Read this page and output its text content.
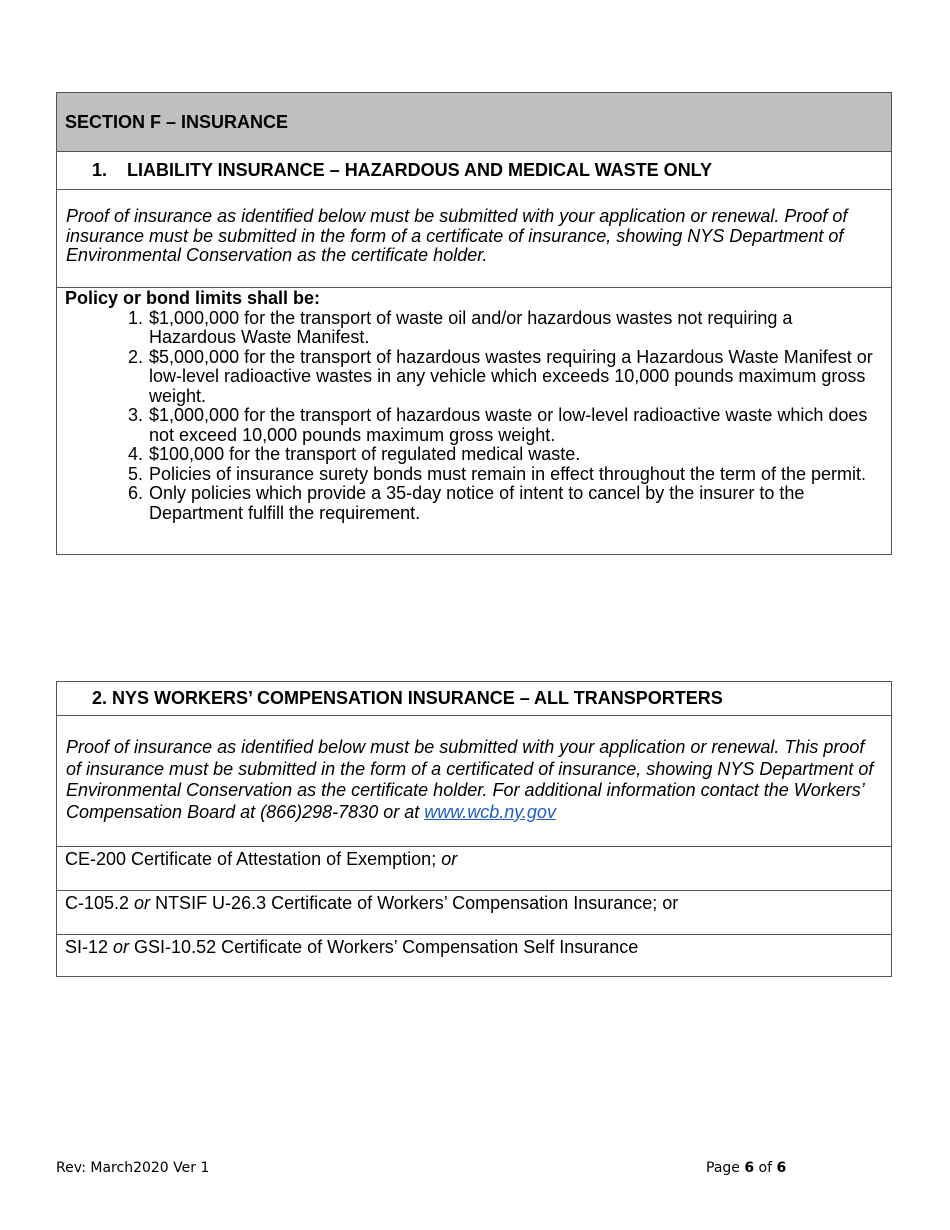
SECTION F – INSURANCE
1.	LIABILITY INSURANCE – HAZARDOUS AND MEDICAL WASTE ONLY
Proof of insurance as identified below must be submitted with your application or renewal. Proof of insurance must be submitted in the form of a certificate of insurance, showing NYS Department of Environmental Conservation as the certificate holder.
Policy or bond limits shall be:
1. $1,000,000 for the transport of waste oil and/or hazardous wastes not requiring a Hazardous Waste Manifest.
2. $5,000,000 for the transport of hazardous wastes requiring a Hazardous Waste Manifest or low-level radioactive wastes in any vehicle which exceeds 10,000 pounds maximum gross weight.
3. $1,000,000 for the transport of hazardous waste or low-level radioactive waste which does not exceed 10,000 pounds maximum gross weight.
4. $100,000 for the transport of regulated medical waste.
5. Policies of insurance surety bonds must remain in effect throughout the term of the permit.
6. Only policies which provide a 35-day notice of intent to cancel by the insurer to the Department fulfill the requirement.
2. NYS WORKERS’ COMPENSATION INSURANCE – ALL TRANSPORTERS
Proof of insurance as identified below must be submitted with your application or renewal. This proof of insurance must be submitted in the form of a certificated of insurance, showing NYS Department of Environmental Conservation as the certificate holder. For additional information contact the Workers’ Compensation Board at (866)298-7830 or at www.wcb.ny.gov
CE-200 Certificate of Attestation of Exemption; or
C-105.2 or NTSIF U-26.3 Certificate of Workers’ Compensation Insurance; or
SI-12 or GSI-10.52 Certificate of Workers’ Compensation Self Insurance
Rev: March2020 Ver 1	Page 6 of 6
